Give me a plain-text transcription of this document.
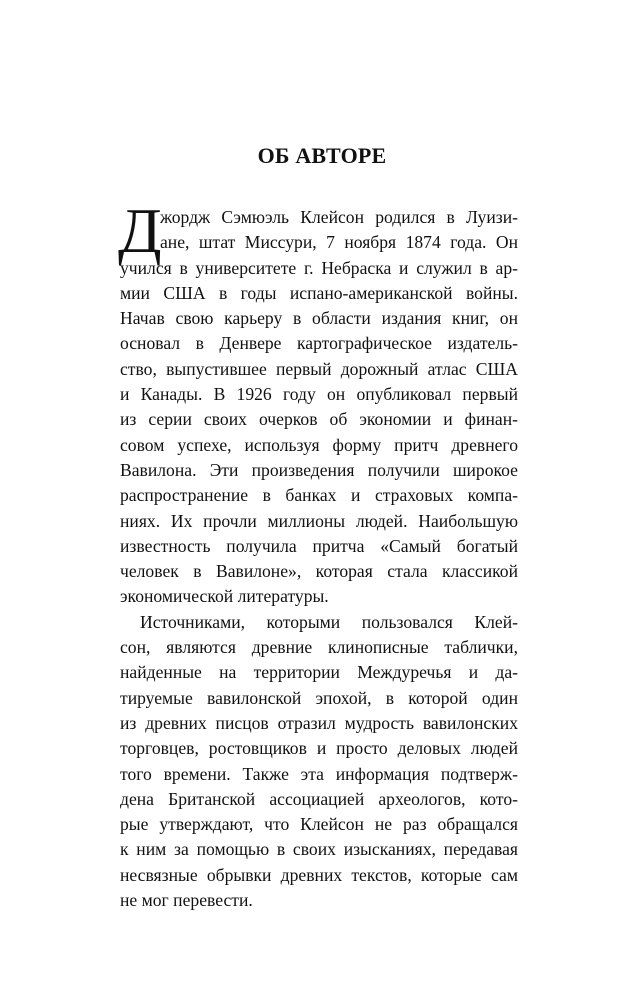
ОБ АВТОРЕ
Д
жордж Сэмюэль Клейсон родился в Луизи-
ане, штат Миссури, 7 ноября 1874 года. Он
учился в университете г. Небраска и служил в ар-
мии США в годы испано-американской войны.
Начав свою карьеру в области издания книг, он
основал в Денвере картографическое издатель-
ство, выпустившее первый дорожный атлас США
и Канады. В 1926 году он опубликовал первый
из серии своих очерков об экономии и финан-
совом успехе, используя форму притч древнего
Вавилона. Эти произведения получили широкое
распространение в банках и страховых компа-
ниях. Их прочли миллионы людей. Наибольшую
известность получила притча «Самый богатый
человек в Вавилоне», которая стала классикой
экономической литературы.
Источниками, которыми пользовался Клей-
сон, являются древние клинописные таблички,
найденные на территории Междуречья и да-
тируемые вавилонской эпохой, в которой один
из древних писцов отразил мудрость вавилонских
торговцев, ростовщиков и просто деловых людей
того времени. Также эта информация подтверж-
дена Британской ассоциацией археологов, кото-
рые утверждают, что Клейсон не раз обращался
к ним за помощью в своих изысканиях, передавая
несвязные обрывки древних текстов, которые сам
не мог перевести.
